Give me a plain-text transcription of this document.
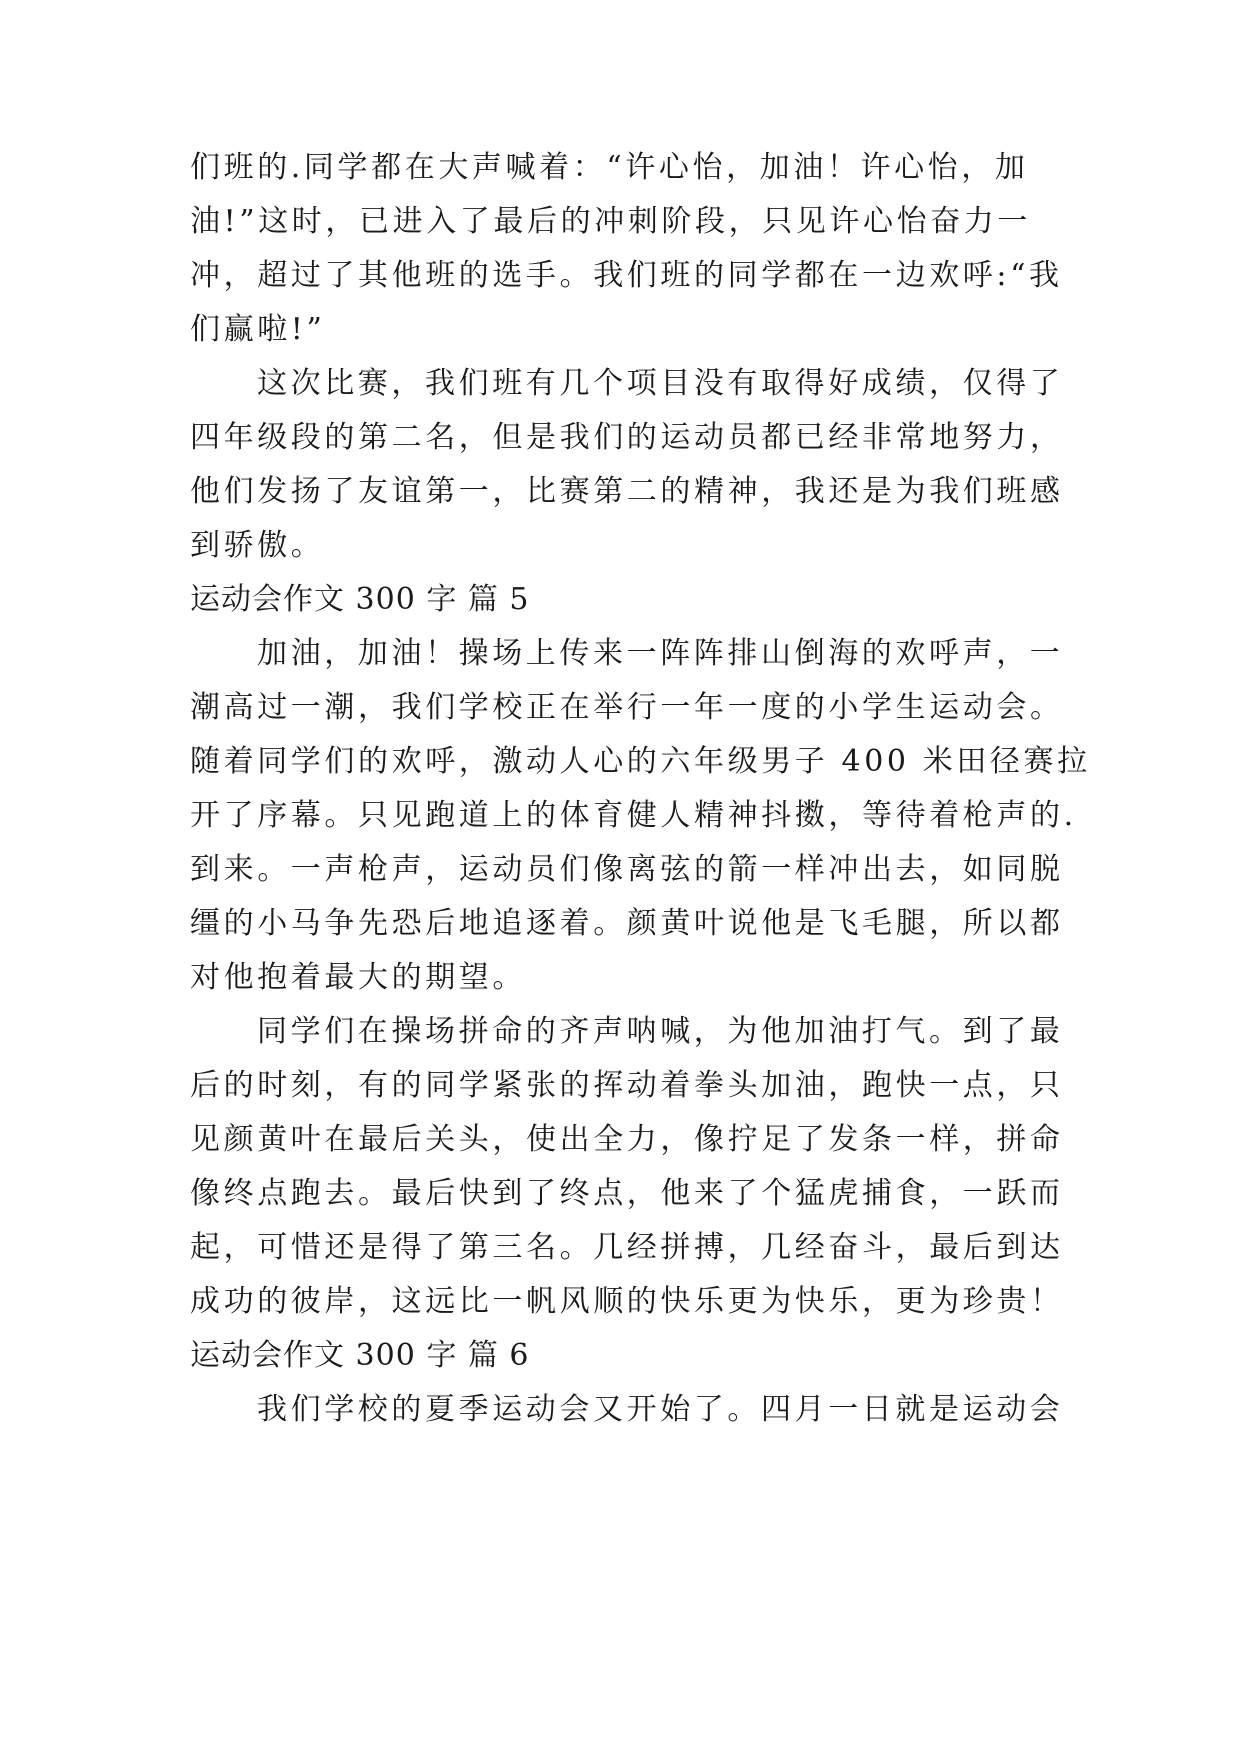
们班的.同学都在大声喊着：“许心怡，加油！许心怡，加
油!”这时，已进入了最后的冲刺阶段，只见许心怡奋力一
冲，超过了其他班的选手。我们班的同学都在一边欢呼:“我
们赢啦!”
这次比赛，我们班有几个项目没有取得好成绩，仅得了
四年级段的第二名，但是我们的运动员都已经非常地努力，
他们发扬了友谊第一，比赛第二的精神，我还是为我们班感
到骄傲。
运动会作文 300 字 篇 5
加油，加油！操场上传来一阵阵排山倒海的欢呼声，一
潮高过一潮，我们学校正在举行一年一度的小学生运动会。
随着同学们的欢呼，激动人心的六年级男子 400 米田径赛拉
开了序幕。只见跑道上的体育健人精神抖擞，等待着枪声的.
到来。一声枪声，运动员们像离弦的箭一样冲出去，如同脱
缰的小马争先恐后地追逐着。颜黄叶说他是飞毛腿，所以都
对他抱着最大的期望。
同学们在操场拼命的齐声呐喊，为他加油打气。到了最
后的时刻，有的同学紧张的挥动着拳头加油，跑快一点，只
见颜黄叶在最后关头，使出全力，像拧足了发条一样，拼命
像终点跑去。最后快到了终点，他来了个猛虎捕食，一跃而
起，可惜还是得了第三名。几经拼搏，几经奋斗，最后到达
成功的彼岸，这远比一帆风顺的快乐更为快乐，更为珍贵！
运动会作文 300 字 篇 6
我们学校的夏季运动会又开始了。四月一日就是运动会
